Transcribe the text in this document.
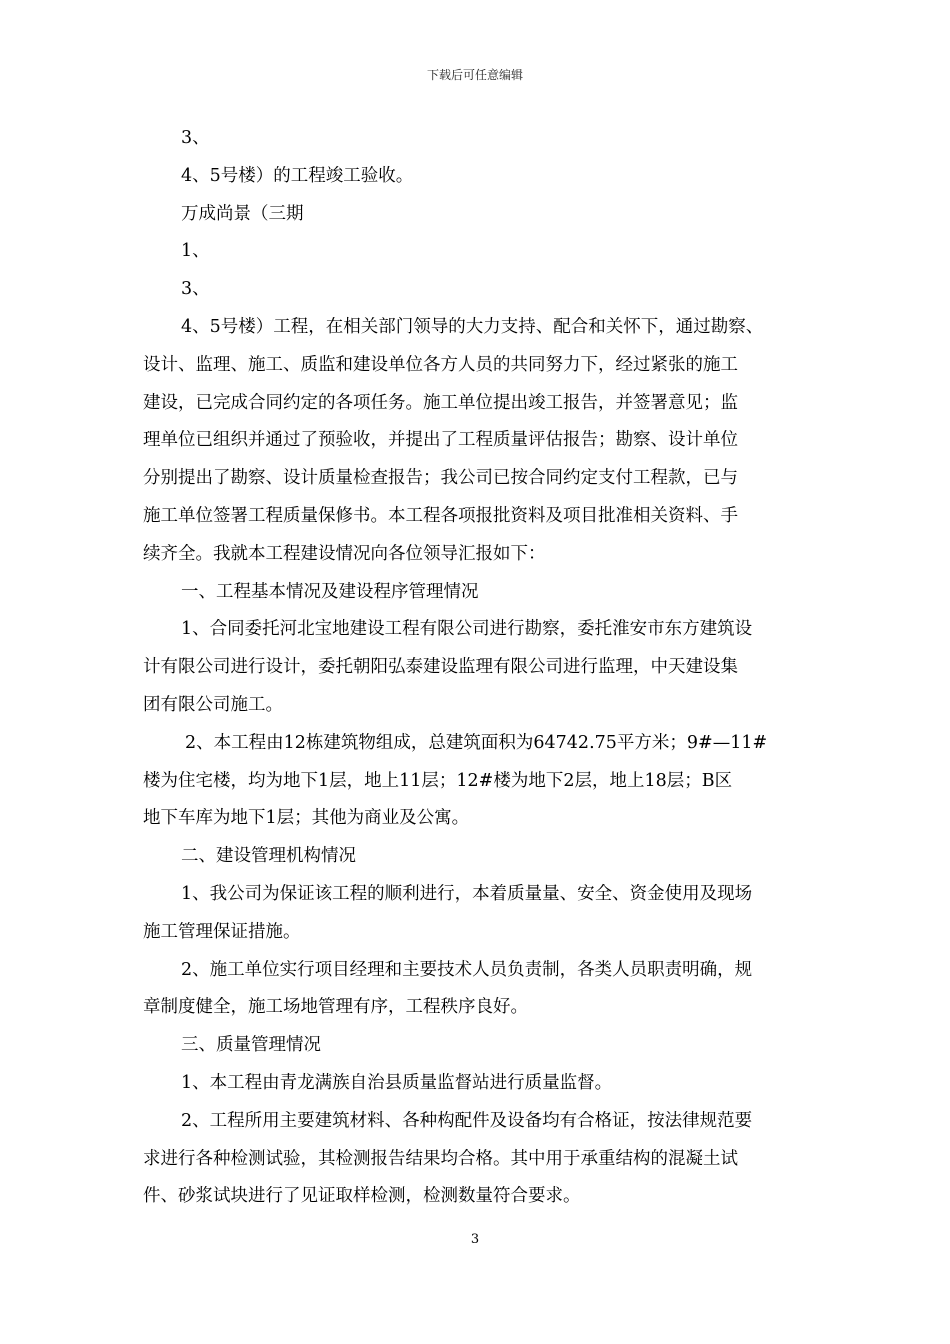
下载后可任意编辑
3、
4、5号楼）的工程竣工验收。
万成尚景（三期
1、
3、
4、5号楼）工程，在相关部门领导的大力支持、配合和关怀下，通过勘察、
设计、监理、施工、质监和建设单位各方人员的共同努力下，经过紧张的施工
建设，已完成合同约定的各项任务。施工单位提出竣工报告，并签署意见；监
理单位已组织并通过了预验收，并提出了工程质量评估报告；勘察、设计单位
分别提出了勘察、设计质量检查报告；我公司已按合同约定支付工程款，已与
施工单位签署工程质量保修书。本工程各项报批资料及项目批准相关资料、手
续齐全。我就本工程建设情况向各位领导汇报如下：
一、工程基本情况及建设程序管理情况
1、合同委托河北宝地建设工程有限公司进行勘察，委托淮安市东方建筑设
计有限公司进行设计，委托朝阳弘泰建设监理有限公司进行监理，中天建设集
团有限公司施工。
2、本工程由12栋建筑物组成，总建筑面积为64742.75平方米；9#—11#
楼为住宅楼，均为地下1层，地上11层；12#楼为地下2层，地上18层；B区
地下车库为地下1层；其他为商业及公寓。
二、建设管理机构情况
1、我公司为保证该工程的顺利进行，本着质量量、安全、资金使用及现场
施工管理保证措施。
2、施工单位实行项目经理和主要技术人员负责制，各类人员职责明确，规
章制度健全，施工场地管理有序，工程秩序良好。
三、质量管理情况
1、本工程由青龙满族自治县质量监督站进行质量监督。
2、工程所用主要建筑材料、各种构配件及设备均有合格证，按法律规范要
求进行各种检测试验，其检测报告结果均合格。其中用于承重结构的混凝土试
件、砂浆试块进行了见证取样检测，检测数量符合要求。
3
